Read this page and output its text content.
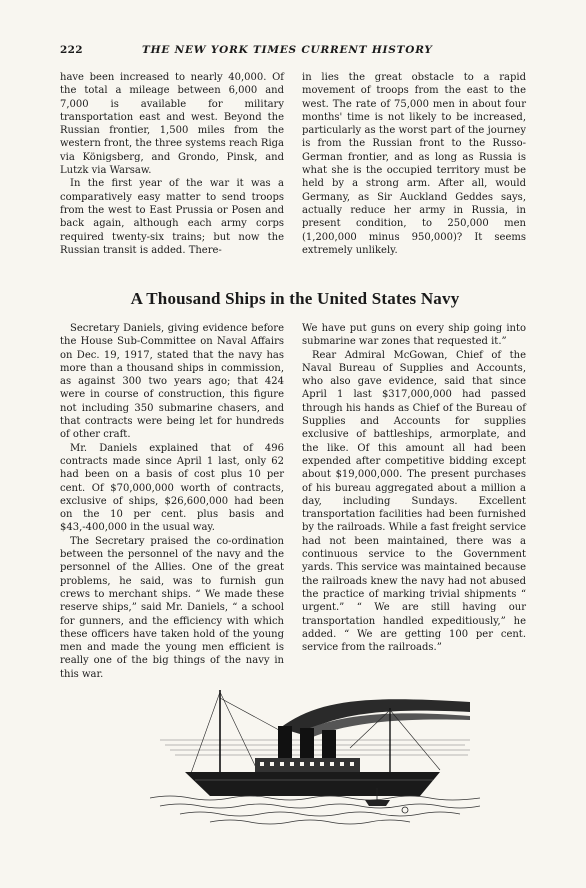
222	THE NEW YORK TIMES CURRENT HISTORY

have been increased to nearly 40,000. Of the total a mileage between 6,000 and 7,000 is available for military transportation east and west. Beyond the Russian frontier, 1,500 miles from the western front, the three systems reach Riga via Königsberg, and Grondo, Pinsk, and Lutzk via Warsaw.

In the first year of the war it was a comparatively easy matter to send troops from the west to East Prussia or Posen and back again, although each army corps required twenty-six trains; but now the Russian transit is added. There-

in lies the great obstacle to a rapid movement of troops from the east to the west. The rate of 75,000 men in about four months' time is not likely to be increased, particularly as the worst part of the journey is from the Russian front to the Russo-German frontier, and as long as Russia is what she is the occupied territory must be held by a strong arm. After all, would Germany, as Sir Auckland Geddes says, actually reduce her army in Russia, in present condition, to 250,000 men (1,200,000 minus 950,000)? It seems extremely unlikely.

A Thousand Ships in the United States Navy

Secretary Daniels, giving evidence before the House Sub-Committee on Naval Affairs on Dec. 19, 1917, stated that the navy has more than a thousand ships in commission, as against 300 two years ago; that 424 were in course of construction, this figure not including 350 submarine chasers, and that contracts were being let for hundreds of other craft.

Mr. Daniels explained that of 496 contracts made since April 1 last, only 62 had been on a basis of cost plus 10 per cent. Of $70,000,000 worth of contracts, exclusive of ships, $26,600,000 had been on the 10 per cent. plus basis and $43,-400,000 in the usual way.

The Secretary praised the co-ordination between the personnel of the navy and the personnel of the Allies. One of the great problems, he said, was to furnish gun crews to merchant ships. “ We made these reserve ships,” said Mr. Daniels, “ a school for gunners, and the efficiency with which these officers have taken hold of the young men and made the young men efficient is really one of the big things of the navy in this war.

We have put guns on every ship going into submarine war zones that requested it.”

Rear Admiral McGowan, Chief of the Naval Bureau of Supplies and Accounts, who also gave evidence, said that since April 1 last $317,000,000 had passed through his hands as Chief of the Bureau of Supplies and Accounts for supplies exclusive of battleships, armorplate, and the like. Of this amount all had been expended after competitive bidding except about $19,000,000. The present purchases of his bureau aggregated about a million a day, including Sundays. Excellent transportation facilities had been furnished by the railroads. While a fast freight service had not been maintained, there was a continuous service to the Government yards. This service was maintained because the railroads knew the navy had not abused the practice of marking trivial shipments “ urgent.” “ We are still having our transportation handled expeditiously,” he added. “ We are getting 100 per cent. service from the railroads.”
